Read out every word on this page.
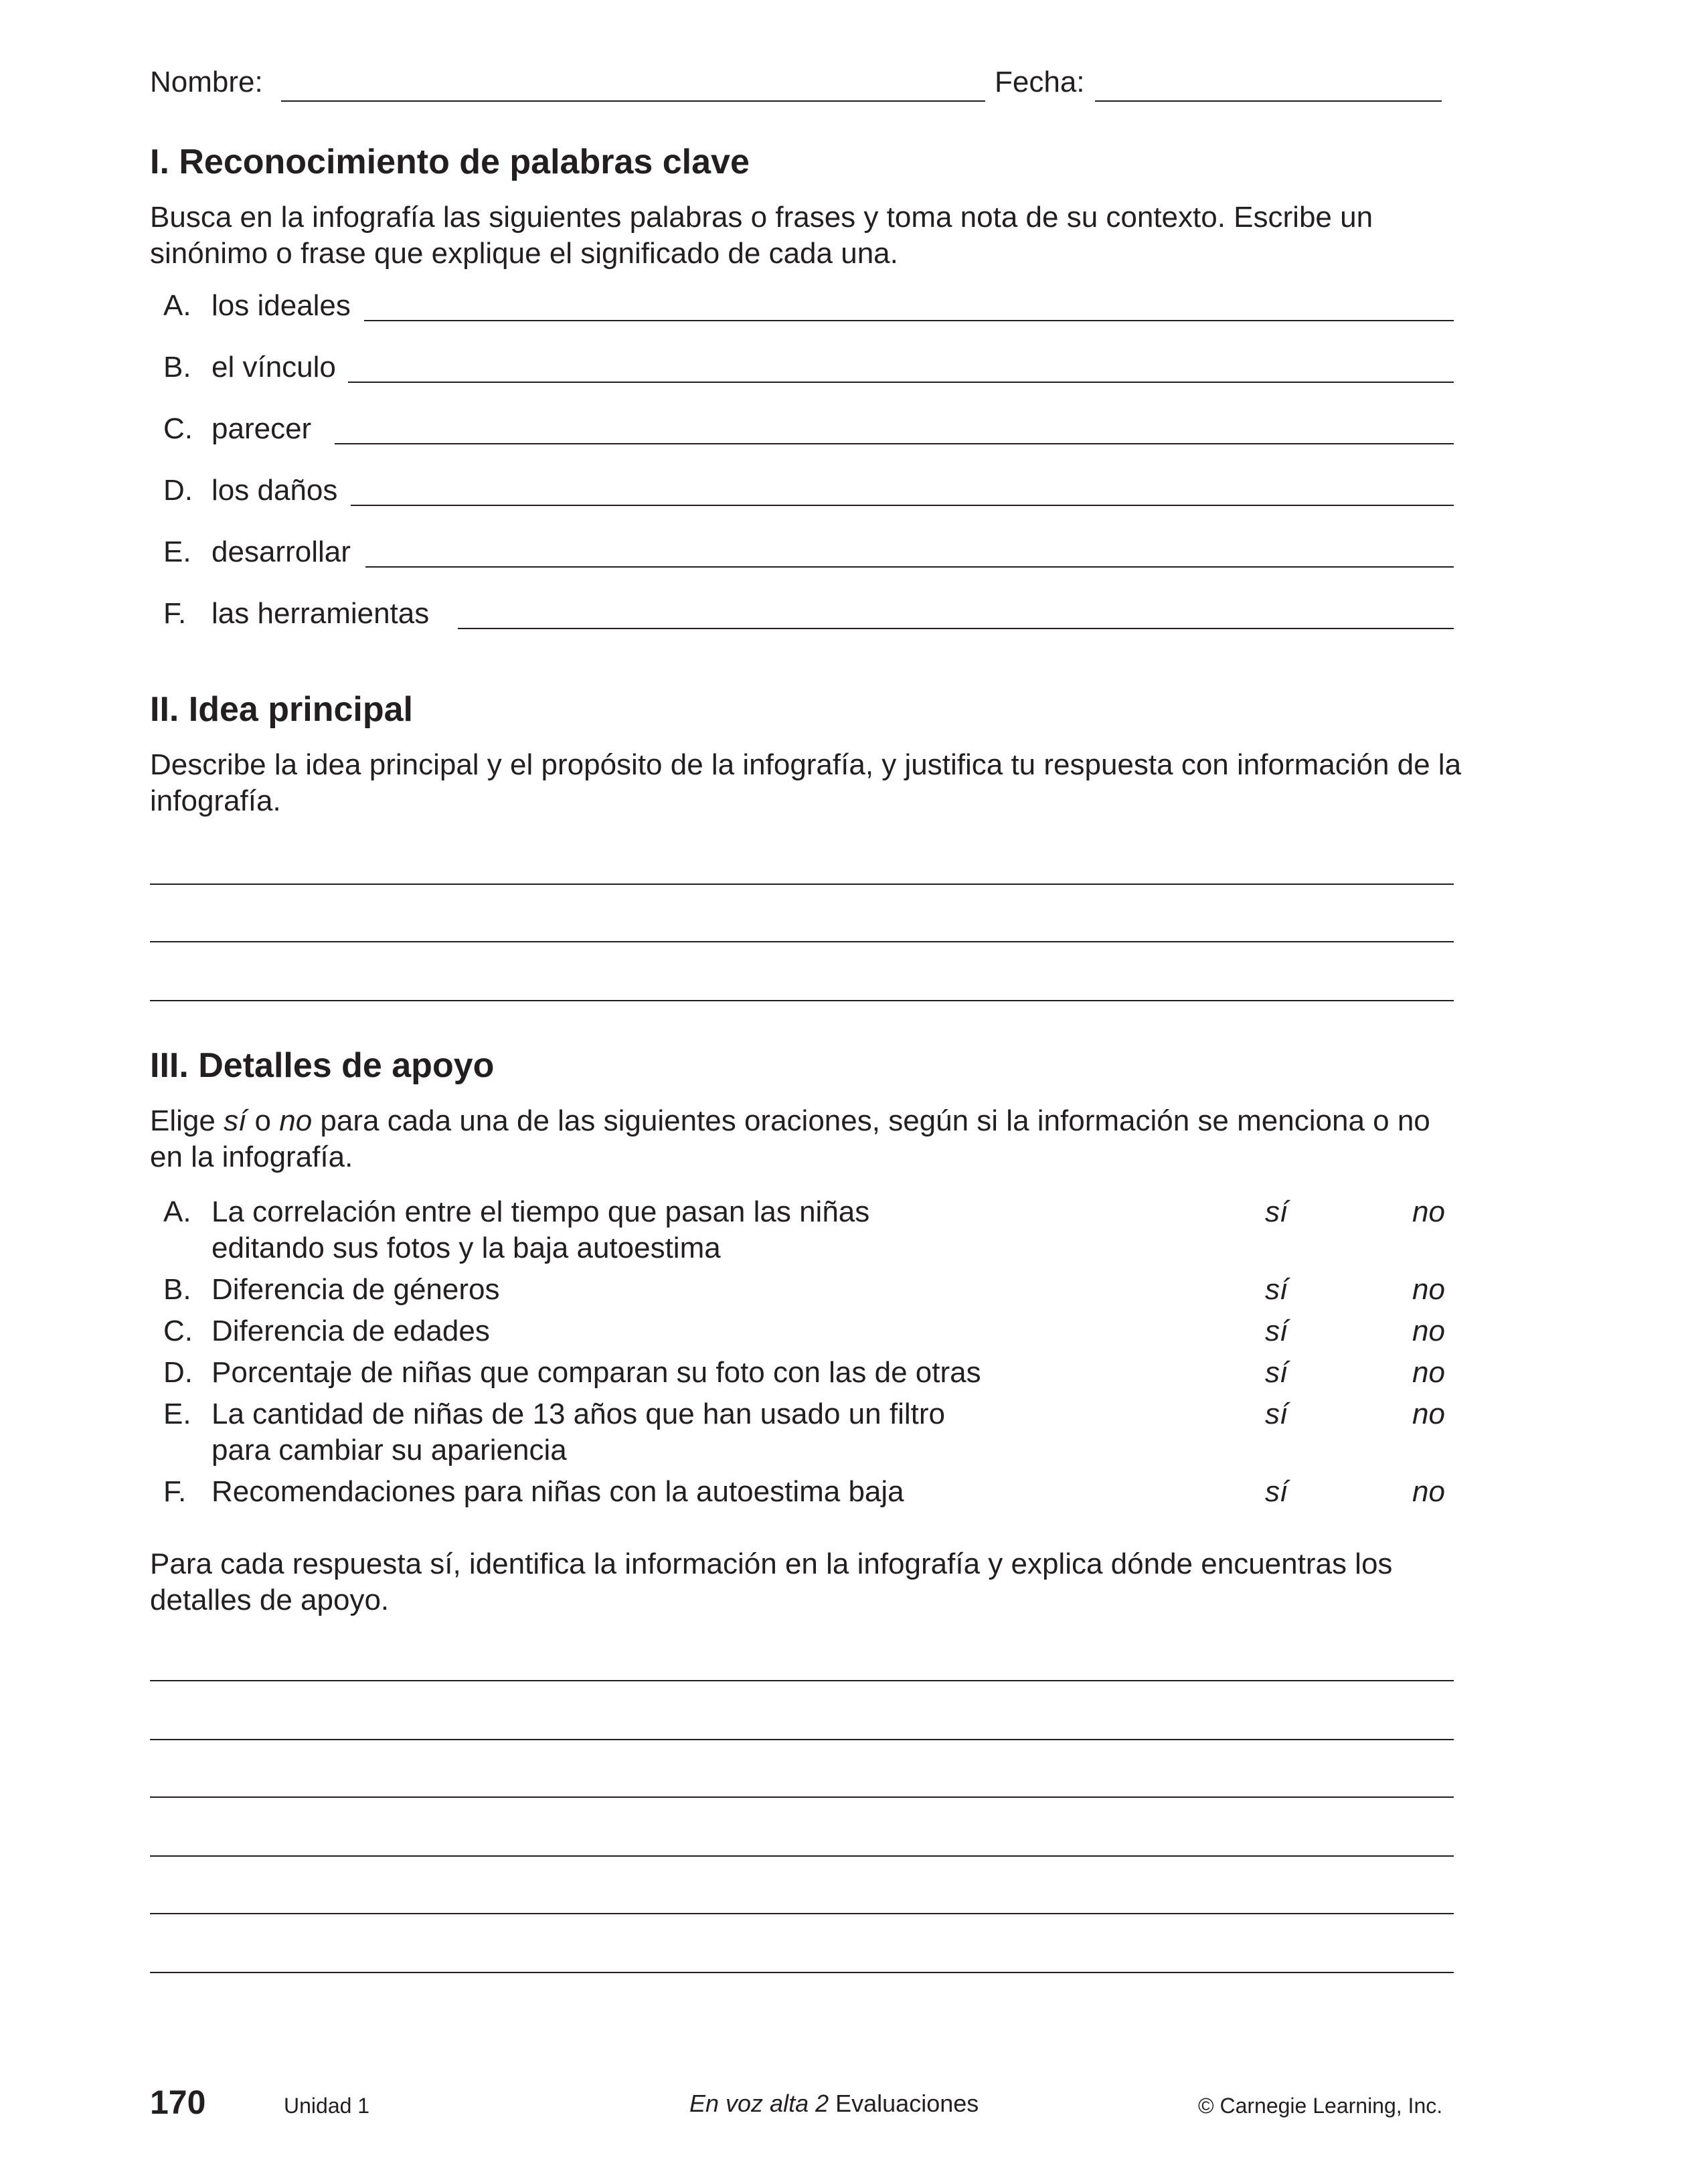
Nombre:	Fecha:
I. Reconocimiento de palabras clave
Busca en la infografía las siguientes palabras o frases y toma nota de su contexto. Escribe un sinónimo o frase que explique el significado de cada una.
A. los ideales
B. el vínculo
C. parecer
D. los daños
E. desarrollar
F. las herramientas
II. Idea principal
Describe la idea principal y el propósito de la infografía, y justifica tu respuesta con información de la infografía.
III. Detalles de apoyo
Elige sí o no para cada una de las siguientes oraciones, según si la información se menciona o no en la infografía.
A. La correlación entre el tiempo que pasan las niñas
editando sus fotos y la baja autoestima
sí	no
B. Diferencia de géneros	sí	no
C. Diferencia de edades	sí	no
D. Porcentaje de niñas que comparan su foto con las de otras	sí	no
E. La cantidad de niñas de 13 años que han usado un filtro
para cambiar su apariencia
sí	no
F. Recomendaciones para niñas con la autoestima baja	sí	no
Para cada respuesta sí, identifica la información en la infografía y explica dónde encuentras los detalles de apoyo.
170	Unidad 1	En voz alta 2 Evaluaciones	© Carnegie Learning, Inc.
